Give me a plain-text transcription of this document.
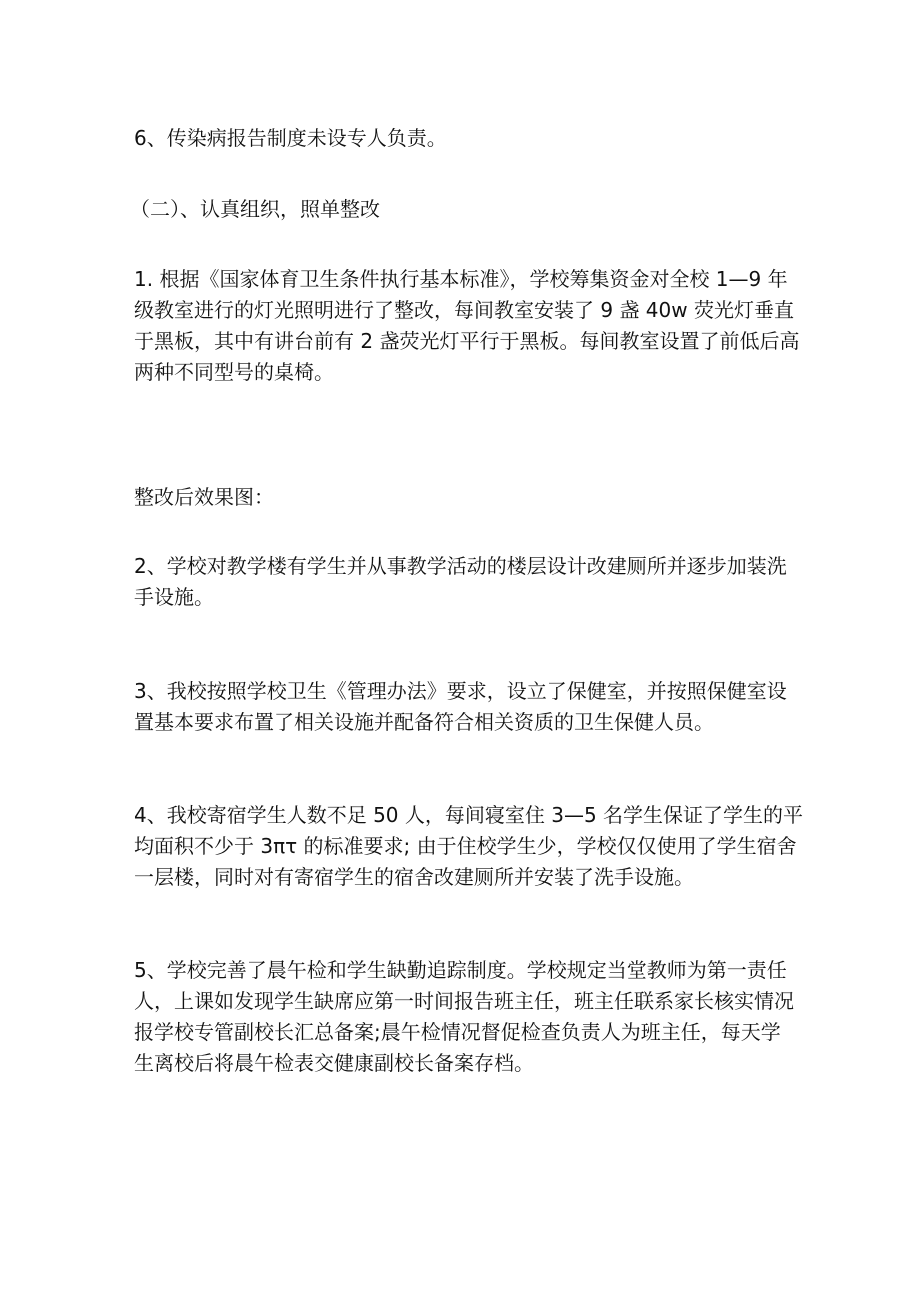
6、传染病报告制度未设专人负责。
（二）、认真组织，照单整改
1. 根据《国家体育卫生条件执行基本标准》，学校筹集资金对全校 1—9 年
级教室进行的灯光照明进行了整改，每间教室安装了 9 盏 40w 荧光灯垂直
于黑板，其中有讲台前有 2 盏荧光灯平行于黑板。每间教室设置了前低后高
两种不同型号的桌椅。
整改后效果图：
2、学校对教学楼有学生并从事教学活动的楼层设计改建厕所并逐步加装洗
手设施。
3、我校按照学校卫生《管理办法》要求，设立了保健室，并按照保健室设
置基本要求布置了相关设施并配备符合相关资质的卫生保健人员。
4、我校寄宿学生人数不足 50 人，每间寝室住 3—5 名学生保证了学生的平
均面积不少于 3πτ 的标准要求; 由于住校学生少，学校仅仅使用了学生宿舍
一层楼，同时对有寄宿学生的宿舍改建厕所并安装了洗手设施。
5、学校完善了晨午检和学生缺勤追踪制度。学校规定当堂教师为第一责任
人，上课如发现学生缺席应第一时间报告班主任，班主任联系家长核实情况
报学校专管副校长汇总备案;晨午检情况督促检查负责人为班主任，每天学
生离校后将晨午检表交健康副校长备案存档。
